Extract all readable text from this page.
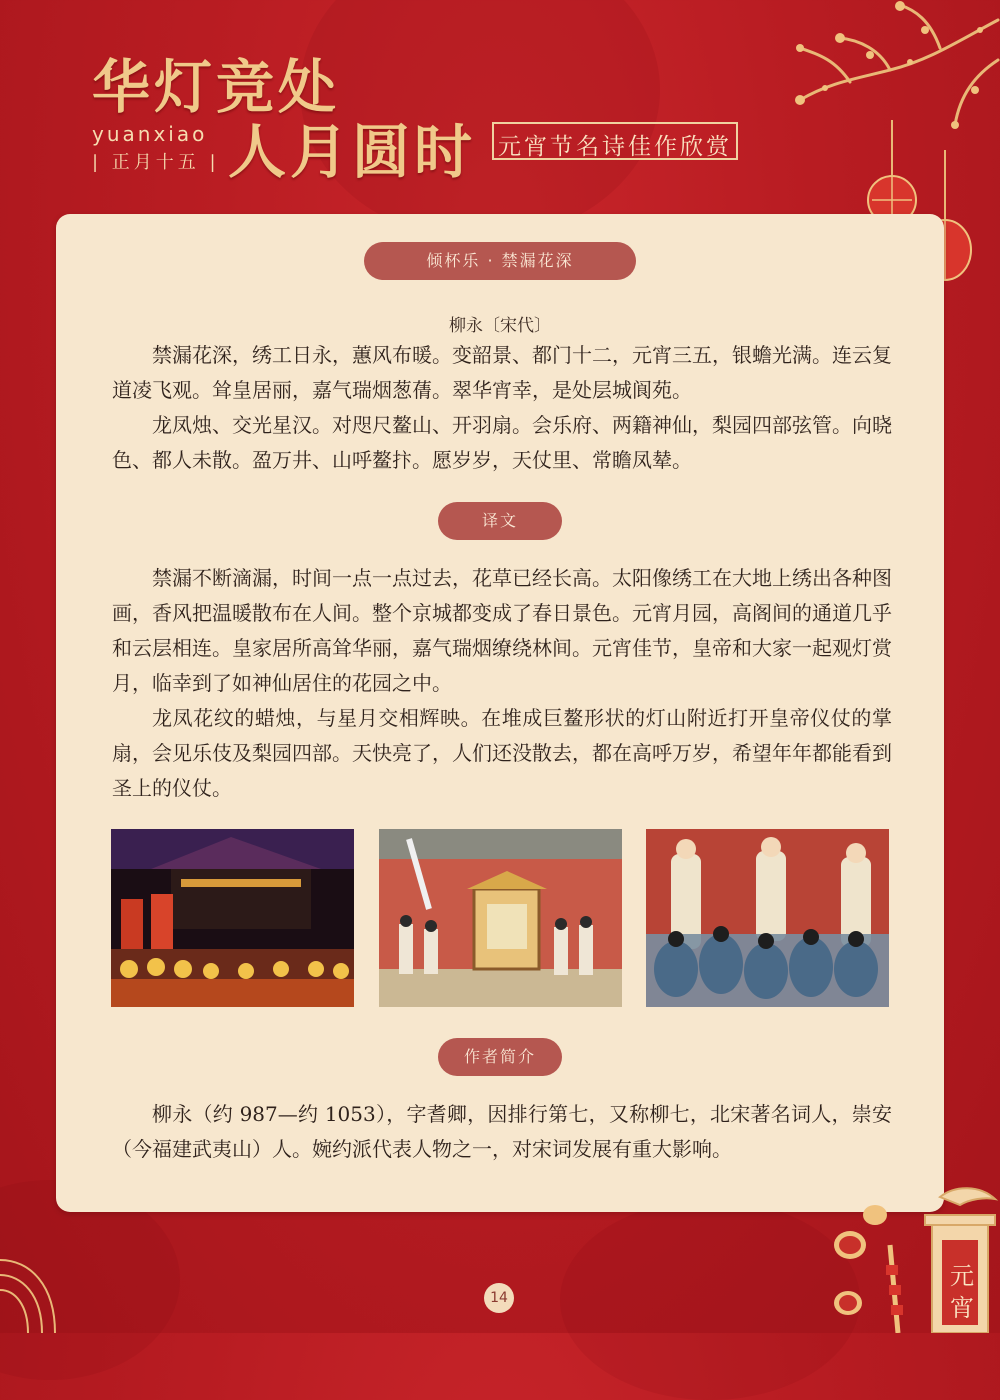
华灯竞处
yuanxiao
| 正月十五 | 人月圆时 元宵节名诗佳作欣赏
倾杯乐 · 禁漏花深
柳永〔宋代〕

禁漏花深，绣工日永，蕙风布暖。变韶景、都门十二，元宵三五，银蟾光满。连云复道凌飞观。耸皇居丽，嘉气瑞烟葱蒨。翠华宵幸，是处层城阆苑。

龙凤烛、交光星汉。对咫尺鳌山、开羽扇。会乐府、两籍神仙，梨园四部弦管。向晓色、都人未散。盈万井、山呼鳌抃。愿岁岁，天仗里、常瞻凤辇。

译文

禁漏不断滴漏，时间一点一点过去，花草已经长高。太阳像绣工在大地上绣出各种图画，香风把温暖散布在人间。整个京城都变成了春日景色。元宵月园，高阁间的通道几乎和云层相连。皇家居所高耸华丽，嘉气瑞烟缭绕林间。元宵佳节，皇帝和大家一起观灯赏月，临幸到了如神仙居住的花园之中。

龙凤花纹的蜡烛，与星月交相辉映。在堆成巨鳌形状的灯山附近打开皇帝仪仗的掌扇，会见乐伎及梨园四部。天快亮了，人们还没散去，都在高呼万岁，希望年年都能看到圣上的仪仗。

作者简介

柳永（约 987—约 1053），字耆卿，因排行第七，又称柳七，北宋著名词人，崇安（今福建武夷山）人。婉约派代表人物之一，对宋词发展有重大影响。

元
宵
14
